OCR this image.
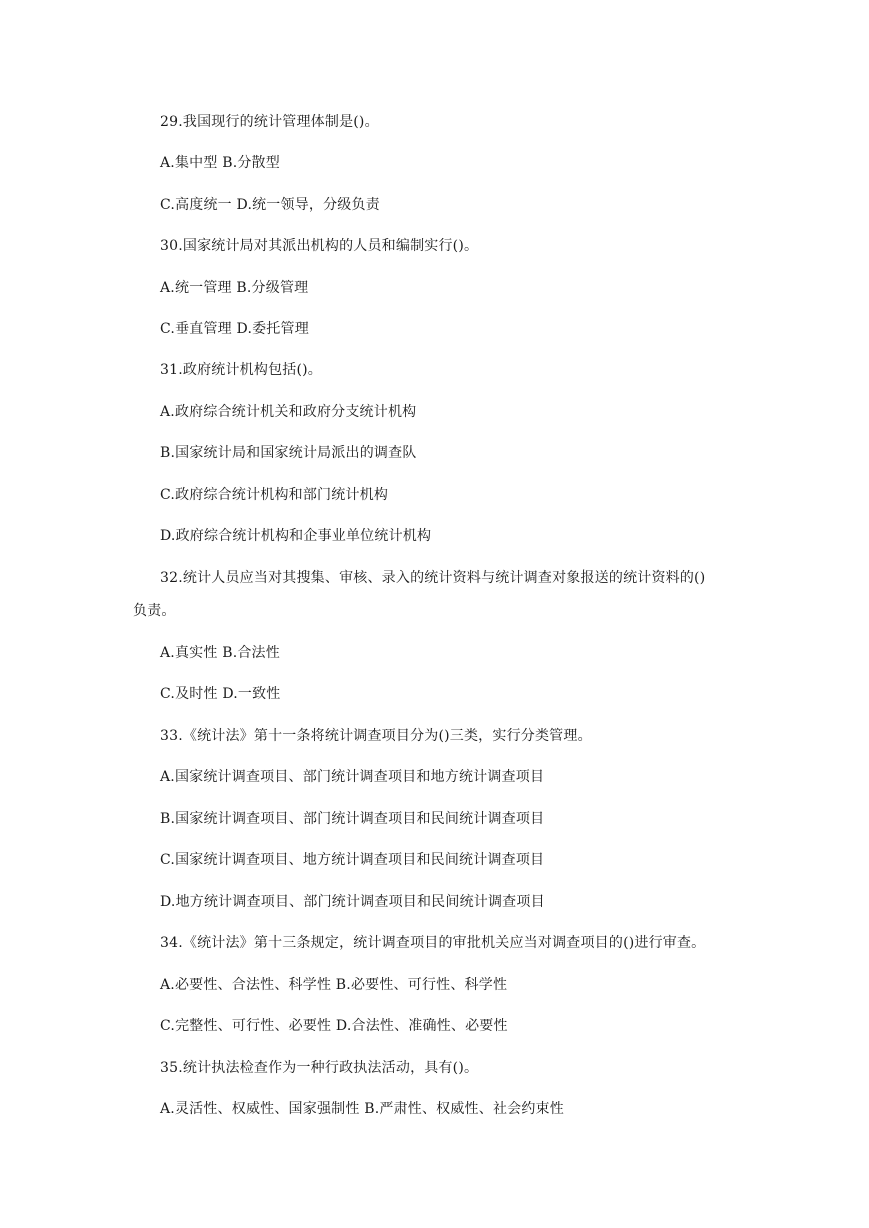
29.我国现行的统计管理体制是()。
A.集中型 B.分散型
C.高度统一 D.统一领导，分级负责
30.国家统计局对其派出机构的人员和编制实行()。
A.统一管理 B.分级管理
C.垂直管理 D.委托管理
31.政府统计机构包括()。
A.政府综合统计机关和政府分支统计机构
B.国家统计局和国家统计局派出的调查队
C.政府综合统计机构和部门统计机构
D.政府综合统计机构和企事业单位统计机构
32.统计人员应当对其搜集、审核、录入的统计资料与统计调查对象报送的统计资料的()
负责。
A.真实性 B.合法性
C.及时性 D.一致性
33.《统计法》第十一条将统计调查项目分为()三类，实行分类管理。
A.国家统计调查项目、部门统计调查项目和地方统计调查项目
B.国家统计调查项目、部门统计调查项目和民间统计调查项目
C.国家统计调查项目、地方统计调查项目和民间统计调查项目
D.地方统计调查项目、部门统计调查项目和民间统计调查项目
34.《统计法》第十三条规定，统计调查项目的审批机关应当对调查项目的()进行审查。
A.必要性、合法性、科学性 B.必要性、可行性、科学性
C.完整性、可行性、必要性 D.合法性、准确性、必要性
35.统计执法检查作为一种行政执法活动，具有()。
A.灵活性、权威性、国家强制性 B.严肃性、权威性、社会约束性
